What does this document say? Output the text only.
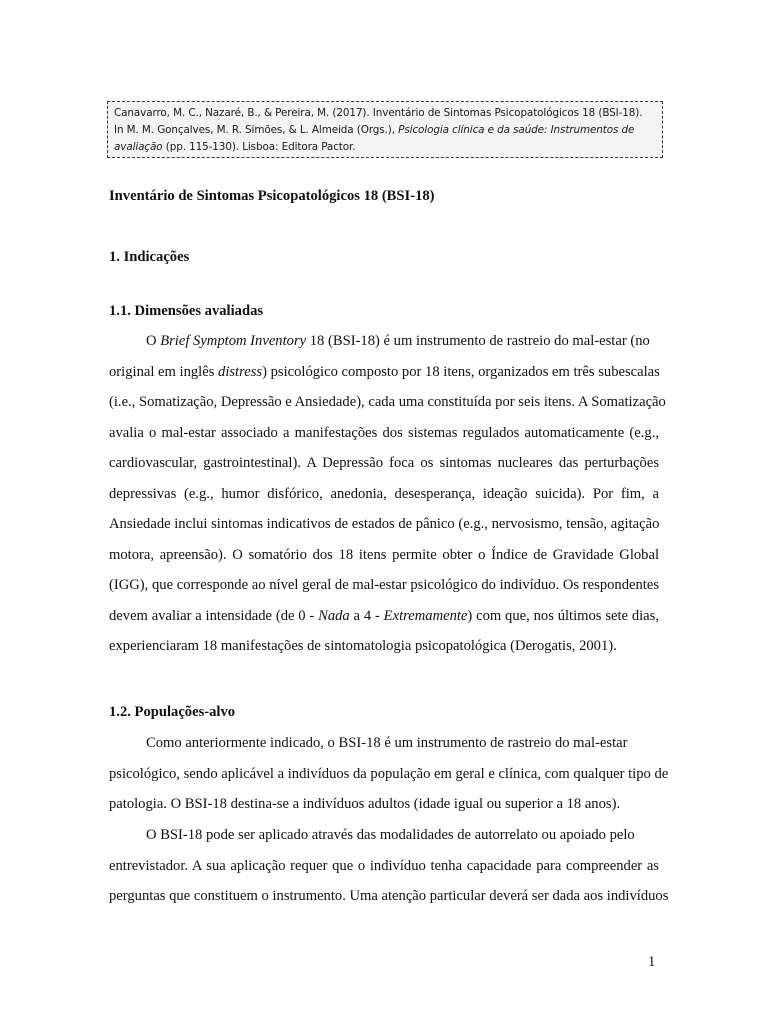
Canavarro, M. C., Nazaré, B., & Pereira, M. (2017). Inventário de Sintomas Psicopatológicos 18 (BSI-18).
In M. M. Gonçalves, M. R. Simões, & L. Almeida (Orgs.), Psicologia clínica e da saúde: Instrumentos de
avaliação (pp. 115-130). Lisboa: Editora Pactor.
Inventário de Sintomas Psicopatológicos 18 (BSI-18)
1. Indicações
1.1. Dimensões avaliadas
O Brief Symptom Inventory 18 (BSI-18) é um instrumento de rastreio do mal-estar (no
original em inglês distress) psicológico composto por 18 itens, organizados em três subescalas
(i.e., Somatização, Depressão e Ansiedade), cada uma constituída por seis itens. A Somatização
avalia o mal-estar associado a manifestações dos sistemas regulados automaticamente (e.g.,
cardiovascular, gastrointestinal). A Depressão foca os sintomas nucleares das perturbações
depressivas (e.g., humor disfórico, anedonia, desesperança, ideação suicida). Por fim, a
Ansiedade inclui sintomas indicativos de estados de pânico (e.g., nervosismo, tensão, agitação
motora, apreensão). O somatório dos 18 itens permite obter o Índice de Gravidade Global
(IGG), que corresponde ao nível geral de mal-estar psicológico do indivíduo. Os respondentes
devem avaliar a intensidade (de 0 - Nada a 4 - Extremamente) com que, nos últimos sete dias,
experienciaram 18 manifestações de sintomatologia psicopatológica (Derogatis, 2001).
1.2. Populações-alvo
Como anteriormente indicado, o BSI-18 é um instrumento de rastreio do mal-estar
psicológico, sendo aplicável a indivíduos da população em geral e clínica, com qualquer tipo de
patologia. O BSI-18 destina-se a indivíduos adultos (idade igual ou superior a 18 anos).
O BSI-18 pode ser aplicado através das modalidades de autorrelato ou apoiado pelo
entrevistador. A sua aplicação requer que o indivíduo tenha capacidade para compreender as
perguntas que constituem o instrumento. Uma atenção particular deverá ser dada aos indivíduos
1
